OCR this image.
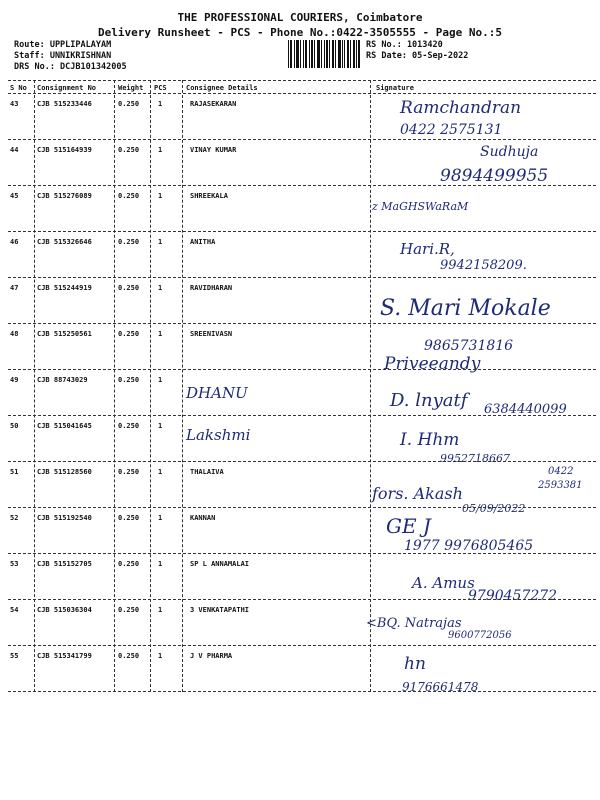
THE PROFESSIONAL COURIERS, Coimbatore
Delivery Runsheet - PCS - Phone No.:0422-3505555 - Page No.:5
Route: UPPLIPALAYAM
Staff: UNNIKRISHNAN
DRS No.: DCJB101342005
RS No.: 1013420
RS Date: 05-Sep-2022
S No Consignment No	Weight PCS	Consignee Details	Signature
43	CJB 515233446	0.250	1	RAJASEKARAN	Ramchandran
0422 2575131
44	CJB 515164939	0.250	1	VINAY KUMAR	Sudhuja
9894499955
45	CJB 515276089	0.250	1	SHREEKALA
z MaGHSWaRaM
46	CJB 515326646	0.250	1	ANITHA	Hari.R,
9942158209.
47	CJB 515244919	0.250	1	RAVIDHARAN
S. Mari Mokale
48	CJB 515250561	0.250	1	SREENIVASN
9865731816
Priveeandy
49	CJB 88743029	0.250	1
DHANU	D. lnyatf 6384440099
50	CJB 515041645	0.250	1 Lakshmi	I. Hhm
9952718667
51	CJB 515128560	0.250	1	THALAIVA	0422
2593381
fors. Akash
05/09/2022
52	CJB 515192540	0.250	1	KANNAN	GE J
1977 9976805465
53	CJB 515152705	0.250	1	SP L ANNAMALAI
A. Amus
9790457272
54	CJB 515036304	0.250	1	3 VENKATAPATHI
<BQ. Natrajas
9600772056
55	CJB 515341799	0.250	1	J V PHARMA	hn
9176661478
